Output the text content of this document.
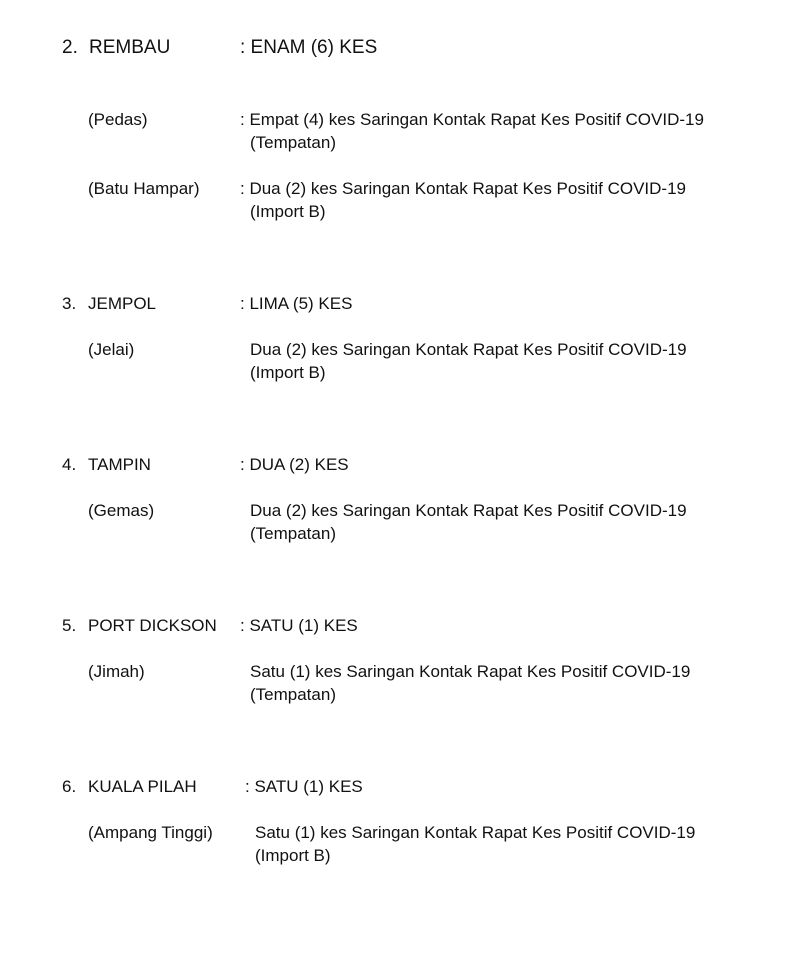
2. REMBAU	: ENAM (6) KES
(Pedas)	: Empat (4) kes Saringan Kontak Rapat Kes Positif COVID-19
(Tempatan)
(Batu Hampar) : Dua (2) kes Saringan Kontak Rapat Kes Positif COVID-19
(Import B)
3. JEMPOL	: LIMA (5) KES
(Jelai)	Dua (2) kes Saringan Kontak Rapat Kes Positif COVID-19
(Import B)
4. TAMPIN	: DUA (2) KES
(Gemas)	Dua (2) kes Saringan Kontak Rapat Kes Positif COVID-19
(Tempatan)
5. PORT DICKSON : SATU (1) KES
(Jimah)	Satu (1) kes Saringan Kontak Rapat Kes Positif COVID-19
(Tempatan)
6. KUALA PILAH	: SATU (1) KES
(Ampang Tinggi) Satu (1) kes Saringan Kontak Rapat Kes Positif COVID-19
(Import B)
